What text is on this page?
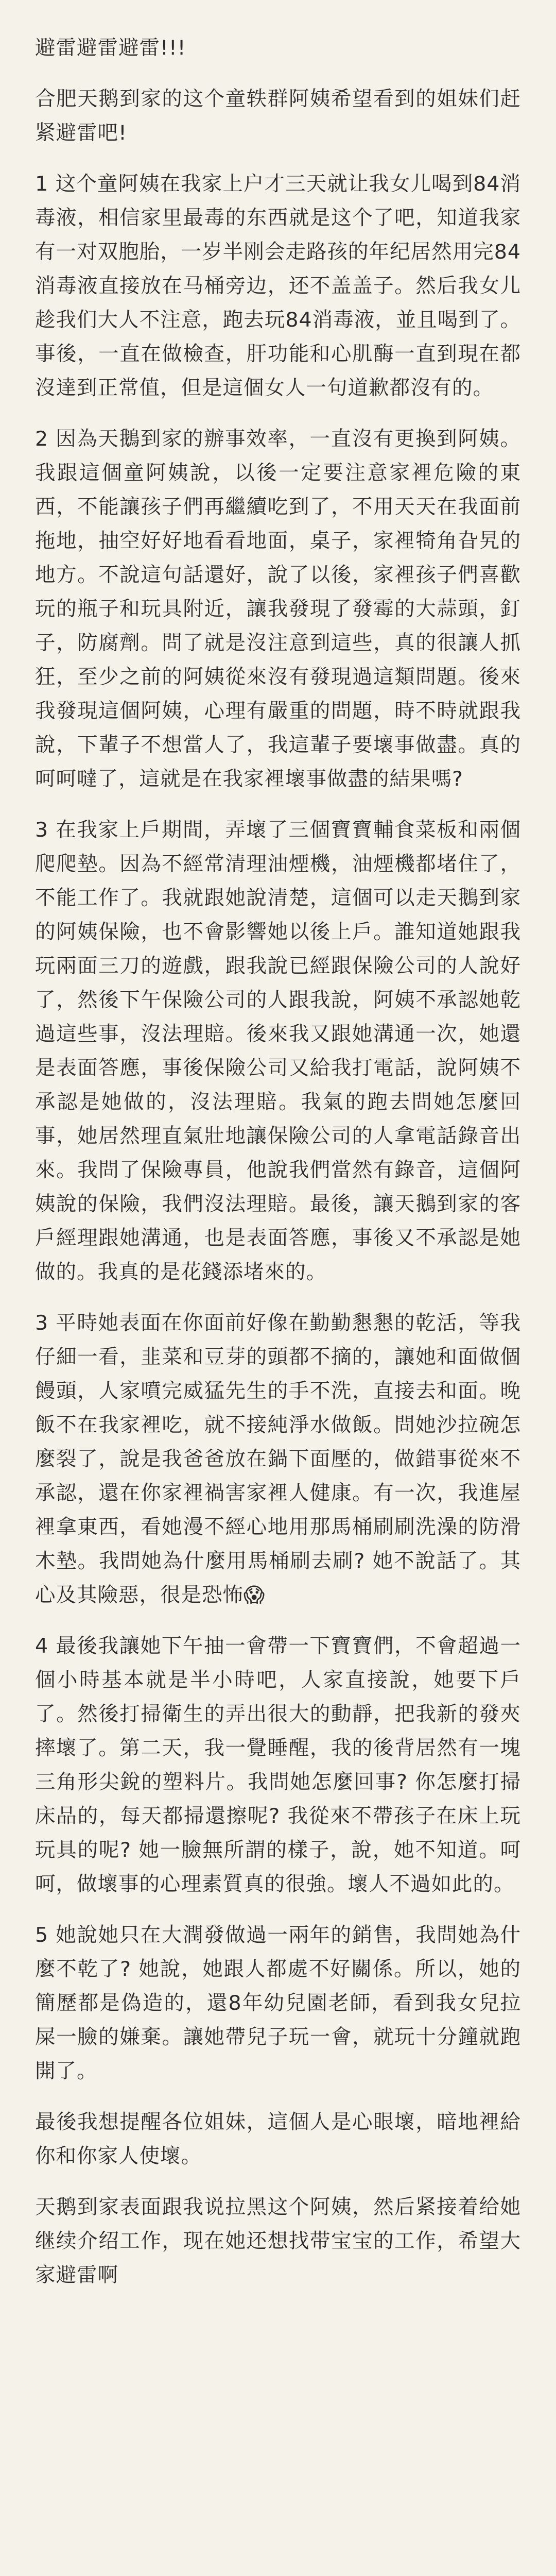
避雷避雷避雷!!!

合肥天鹅到家的这个童轶群阿姨希望看到的姐妹们赶紧避雷吧!

1 这个童阿姨在我家上户才三天就让我女儿喝到84消毒液，相信家里最毒的东西就是这个了吧，知道我家有一对双胞胎，一岁半刚会走路孩的年纪居然用完84消毒液直接放在马桶旁边，还不盖盖子。然后我女儿趁我们大人不注意，跑去玩84消毒液，並且喝到了。事後，一直在做檢查，肝功能和心肌酶一直到現在都沒達到正常值，但是這個女人一句道歉都沒有的。

2 因為天鵝到家的辦事效率，一直沒有更換到阿姨。我跟這個童阿姨說，以後一定要注意家裡危險的東西，不能讓孩子們再繼續吃到了，不用天天在我面前拖地，抽空好好地看看地面，桌子，家裡犄角旮旯的地方。不說這句話還好，說了以後，家裡孩子們喜歡玩的瓶子和玩具附近，讓我發現了發霉的大蒜頭，釘子，防腐劑。問了就是沒注意到這些，真的很讓人抓狂，至少之前的阿姨從來沒有發現過這類問題。後來我發現這個阿姨，心理有嚴重的問題，時不時就跟我說，下輩子不想當人了，我這輩子要壞事做盡。真的呵呵噠了，這就是在我家裡壞事做盡的結果嗎?

3 在我家上戶期間，弄壞了三個寶寶輔食菜板和兩個爬爬墊。因為不經常清理油煙機，油煙機都堵住了，不能工作了。我就跟她說清楚，這個可以走天鵝到家的阿姨保險，也不會影響她以後上戶。誰知道她跟我玩兩面三刀的遊戲，跟我說已經跟保險公司的人說好了，然後下午保險公司的人跟我說，阿姨不承認她乾過這些事，沒法理賠。後來我又跟她溝通一次，她還是表面答應，事後保險公司又給我打電話，說阿姨不承認是她做的，沒法理賠。我氣的跑去問她怎麼回事，她居然理直氣壯地讓保險公司的人拿電話錄音出來。我問了保險專員，他說我們當然有錄音，這個阿姨說的保險，我們沒法理賠。最後，讓天鵝到家的客戶經理跟她溝通，也是表面答應，事後又不承認是她做的。我真的是花錢添堵來的。

3 平時她表面在你面前好像在勤勤懇懇的乾活，等我仔細一看，韭菜和豆芽的頭都不摘的，讓她和面做個饅頭，人家噴完威猛先生的手不洗，直接去和面。晚飯不在我家裡吃，就不接純淨水做飯。問她沙拉碗怎麼裂了，說是我爸爸放在鍋下面壓的，做錯事從來不承認，還在你家裡禍害家裡人健康。有一次，我進屋裡拿東西，看她漫不經心地用那馬桶刷刷洗澡的防滑木墊。我問她為什麼用馬桶刷去刷? 她不說話了。其心及其險惡，很是恐怖😱

4 最後我讓她下午抽一會帶一下寶寶們，不會超過一個小時基本就是半小時吧，人家直接說，她要下戶了。然後打掃衛生的弄出很大的動靜，把我新的發夾摔壞了。第二天，我一覺睡醒，我的後背居然有一塊三角形尖銳的塑料片。我問她怎麼回事? 你怎麼打掃床品的，每天都掃還擦呢? 我從來不帶孩子在床上玩玩具的呢? 她一臉無所謂的樣子，說，她不知道。呵呵，做壞事的心理素質真的很強。壞人不過如此的。

5 她說她只在大潤發做過一兩年的銷售，我問她為什麼不乾了? 她說，她跟人都處不好關係。所以，她的簡歷都是偽造的，還8年幼兒園老師，看到我女兒拉屎一臉的嫌棄。讓她帶兒子玩一會，就玩十分鐘就跑開了。

最後我想提醒各位姐妹，這個人是心眼壞，暗地裡給你和你家人使壞。

天鹅到家表面跟我说拉黑这个阿姨，然后紧接着给她继续介绍工作，现在她还想找带宝宝的工作，希望大家避雷啊
